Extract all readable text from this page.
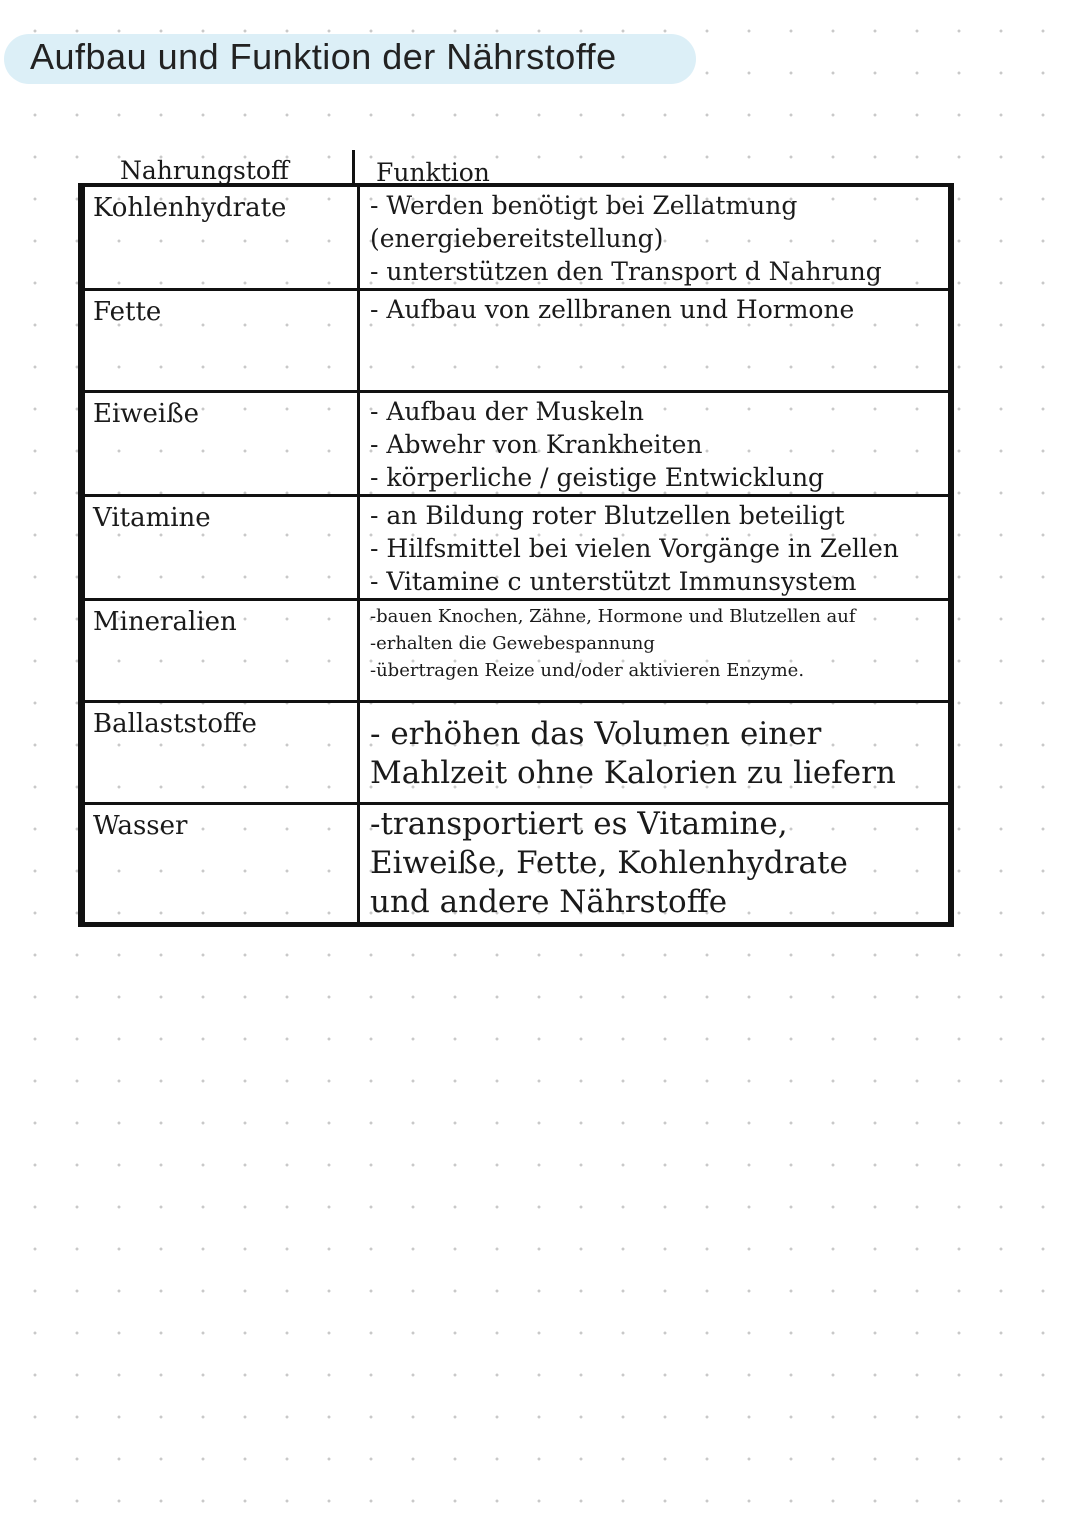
Aufbau und Funktion der Nährstoffe
Nahrungstoff	Funktion
Kohlenhydrate	- Werden benötigt bei Zellatmung
(energiebereitstellung)
- unterstützen den Transport d Nahrung

Fette	- Aufbau von zellbranen und Hormone

Eiweiße	- Aufbau der Muskeln
- Abwehr von Krankheiten
- körperliche / geistige Entwicklung

Vitamine	- an Bildung roter Blutzellen beteiligt
- Hilfsmittel bei vielen Vorgänge in Zellen
- Vitamine c unterstützt Immunsystem

Mineralien	-bauen Knochen, Zähne, Hormone und Blutzellen auf
-erhalten die Gewebespannung
-übertragen Reize und/oder aktivieren Enzyme.

Ballaststoffe	- erhöhen das Volumen einer
Mahlzeit ohne Kalorien zu liefern

Wasser	-transportiert es Vitamine,
Eiweiße, Fette, Kohlenhydrate
und andere Nährstoffe
